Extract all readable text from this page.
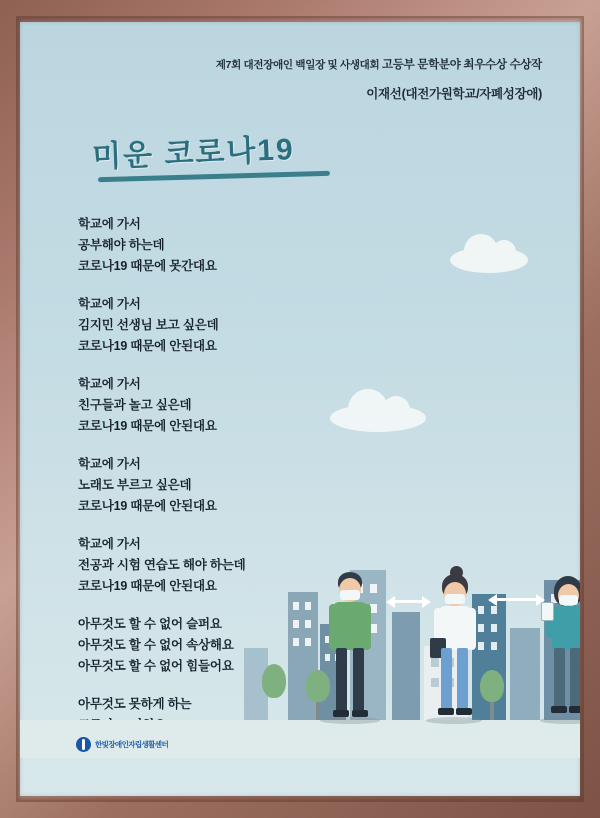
제7회 대전장애인 백일장 및 사생대회 고등부 문학분야 최우수상 수상작
이재선(대전가원학교/자폐성장애)
미운 코로나19
학교에 가서
공부해야 하는데
코로나19 때문에 못간대요
학교에 가서
김지민 선생님 보고 싶은데
코로나19 때문에 안된대요
학교에 가서
친구들과 놀고 싶은데
코로나19 때문에 안된대요
학교에 가서
노래도 부르고 싶은데
코로나19 때문에 안된대요
학교에 가서
전공과 시험 연습도 해야 하는데
코로나19 때문에 안된대요
아무것도 할 수 없어 슬퍼요
아무것도 할 수 없어 속상해요
아무것도 할 수 없어 힘들어요
아무것도 못하게 하는
한빛장애인자립생활센터
